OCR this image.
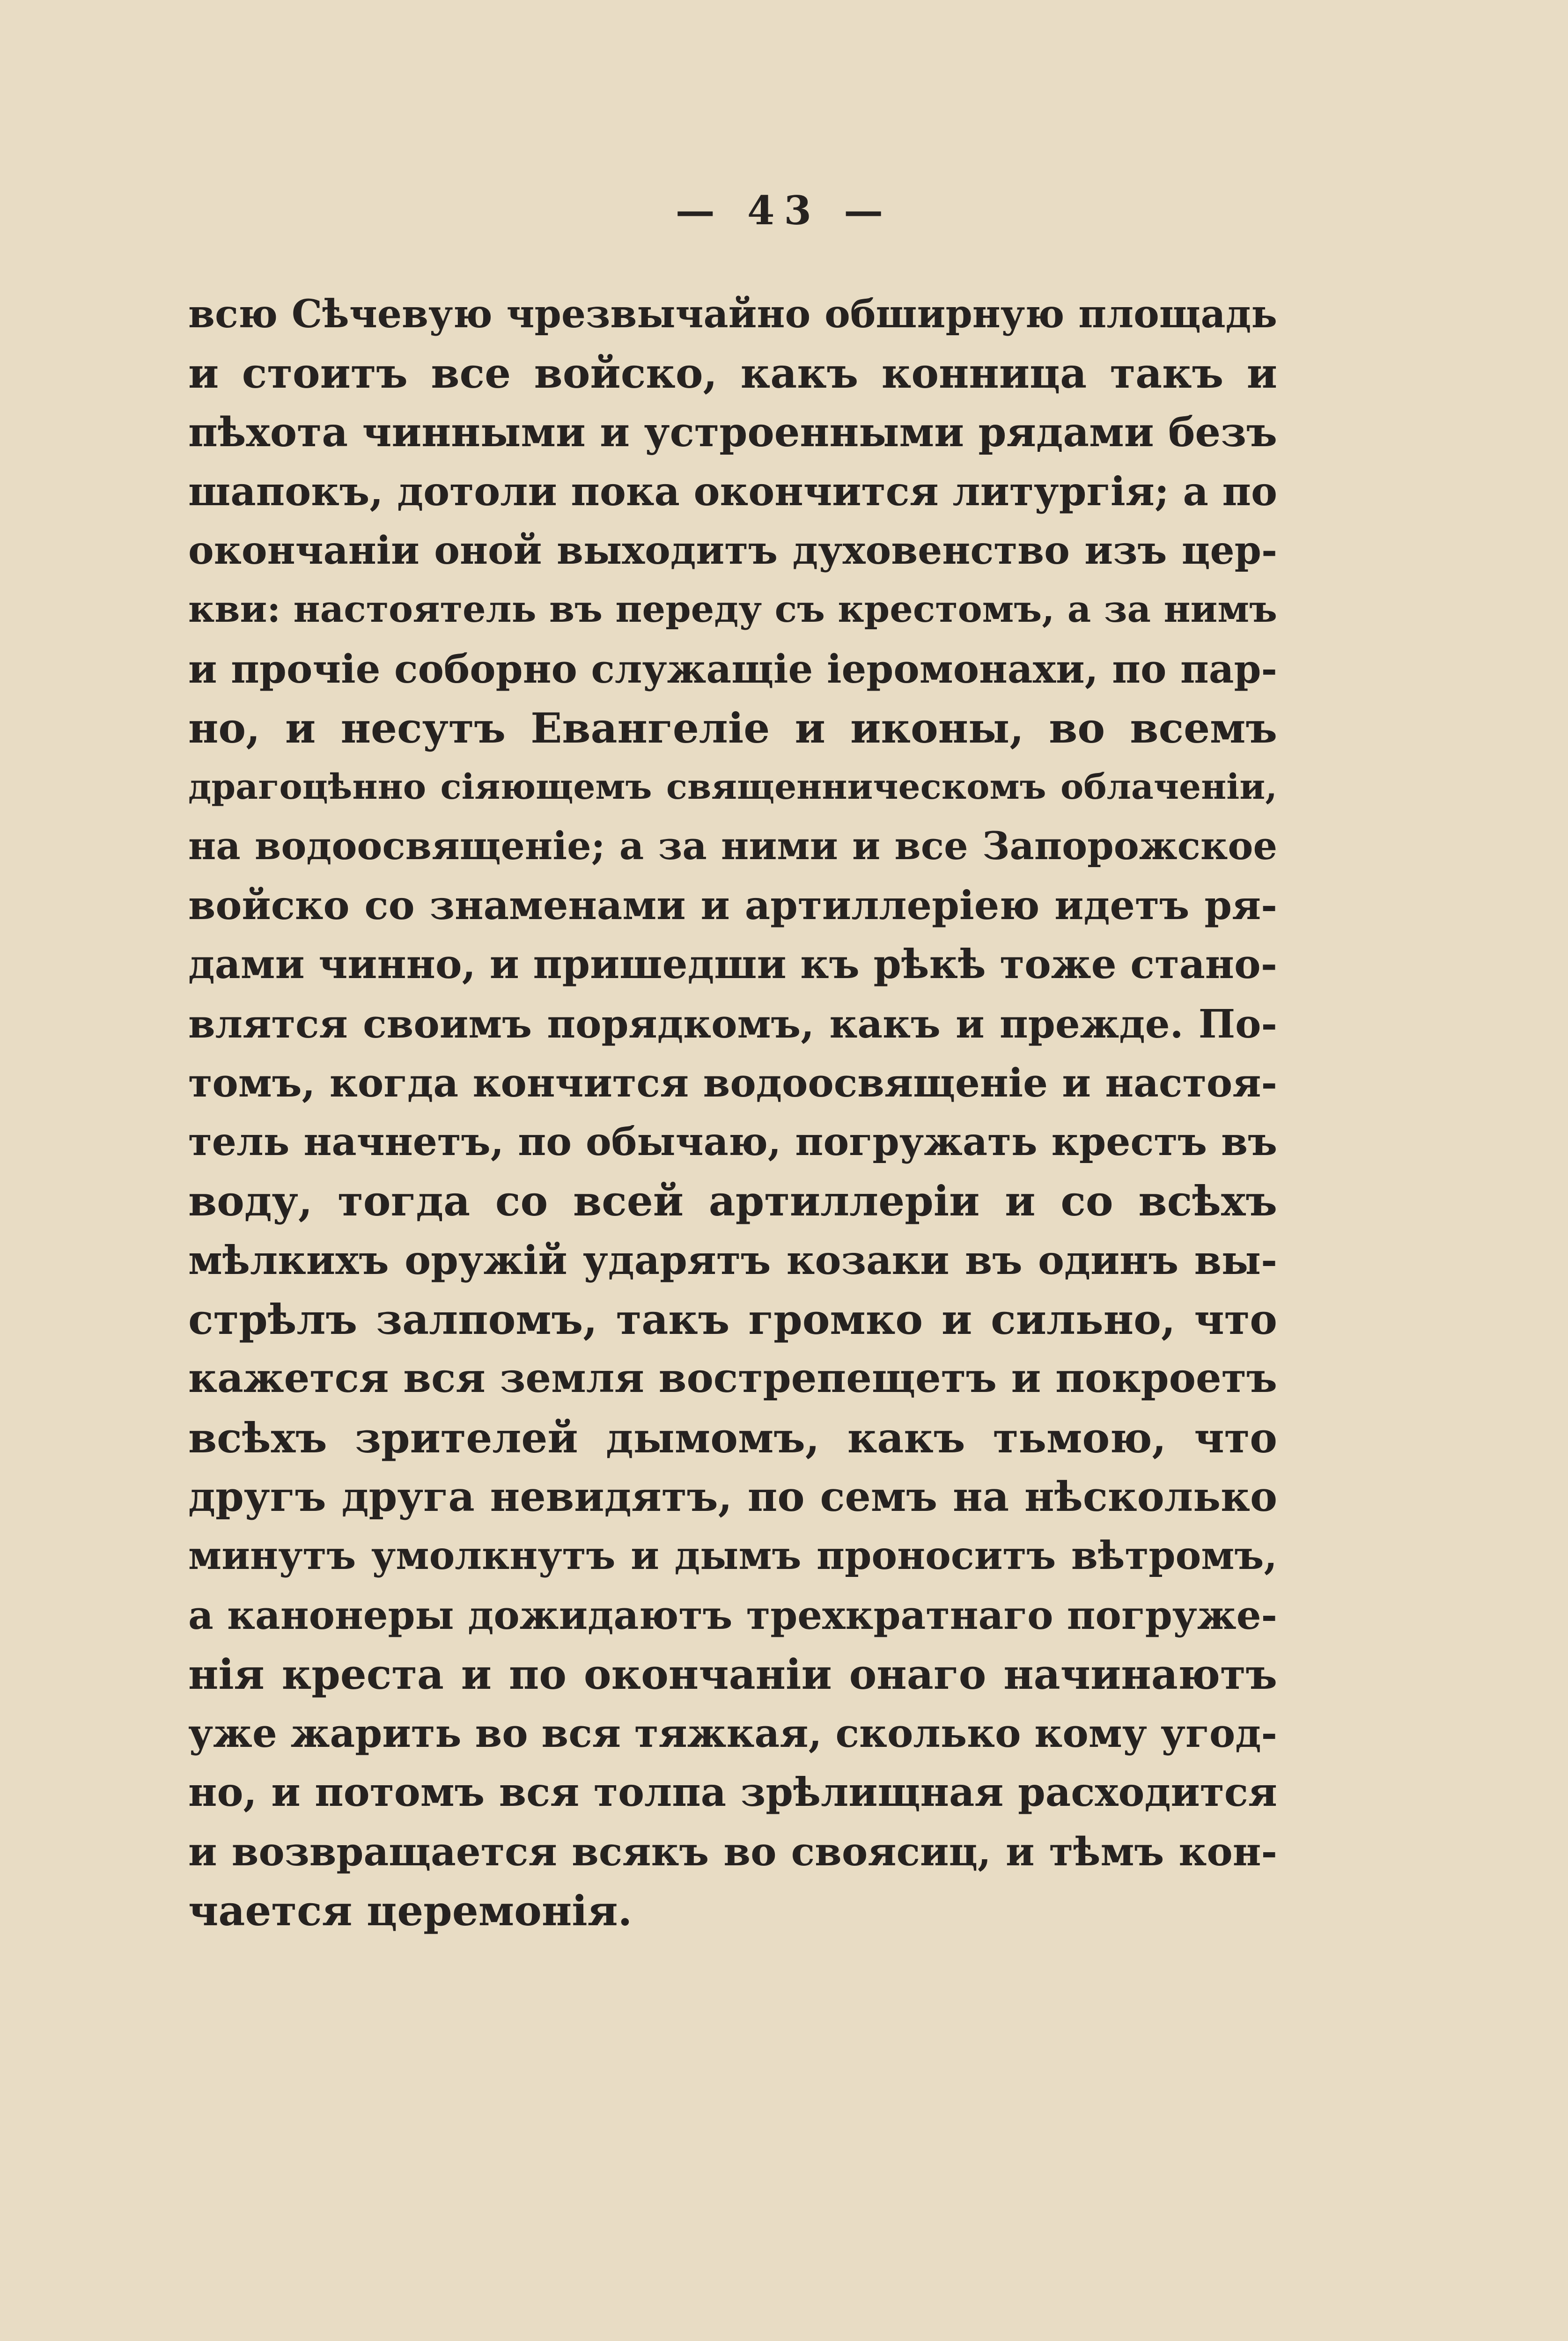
— 43 —
всю Сѣчевую чрезвычайно обширную площадь
и стоитъ все войско, какъ конница такъ и
пѣхота чинными и устроенными рядами безъ
шапокъ, дотоли пока окончится литургія; а по
окончаніи оной выходитъ духовенство изъ цер-
кви: настоятель въ переду съ крестомъ, а за нимъ
и прочіе соборно служащіе іеромонахи, по пар-
но, и несутъ Евангеліе и иконы, во всемъ
драгоцѣнно сіяющемъ священническомъ облаченіи,
на водоосвященіе; а за ними и все Запорожское
войско со знаменами и артиллеріею идетъ ря-
дами чинно, и пришедши къ рѣкѣ тоже стано-
влятся своимъ порядкомъ, какъ и прежде. По-
томъ, когда кончится водоосвященіе и настоя-
тель начнетъ, по обычаю, погружать крестъ въ
воду, тогда со всей артиллеріи и со всѣхъ
мѣлкихъ оружій ударятъ козаки въ одинъ вы-
стрѣлъ залпомъ, такъ громко и сильно, что
кажется вся земля вострепещетъ и покроетъ
всѣхъ зрителей дымомъ, какъ тьмою, что
другъ друга невидятъ, по семъ на нѣсколько
минутъ умолкнутъ и дымъ проноситъ вѣтромъ,
а канонеры дожидаютъ трехкратнаго погруже-
нія креста и по окончаніи онаго начинаютъ
уже жарить во вся тяжкая, сколько кому угод-
но, и потомъ вся толпа зрѣлищная расходится
и возвращается всякъ во своясиц, и тѣмъ кон-
чается церемонія.
